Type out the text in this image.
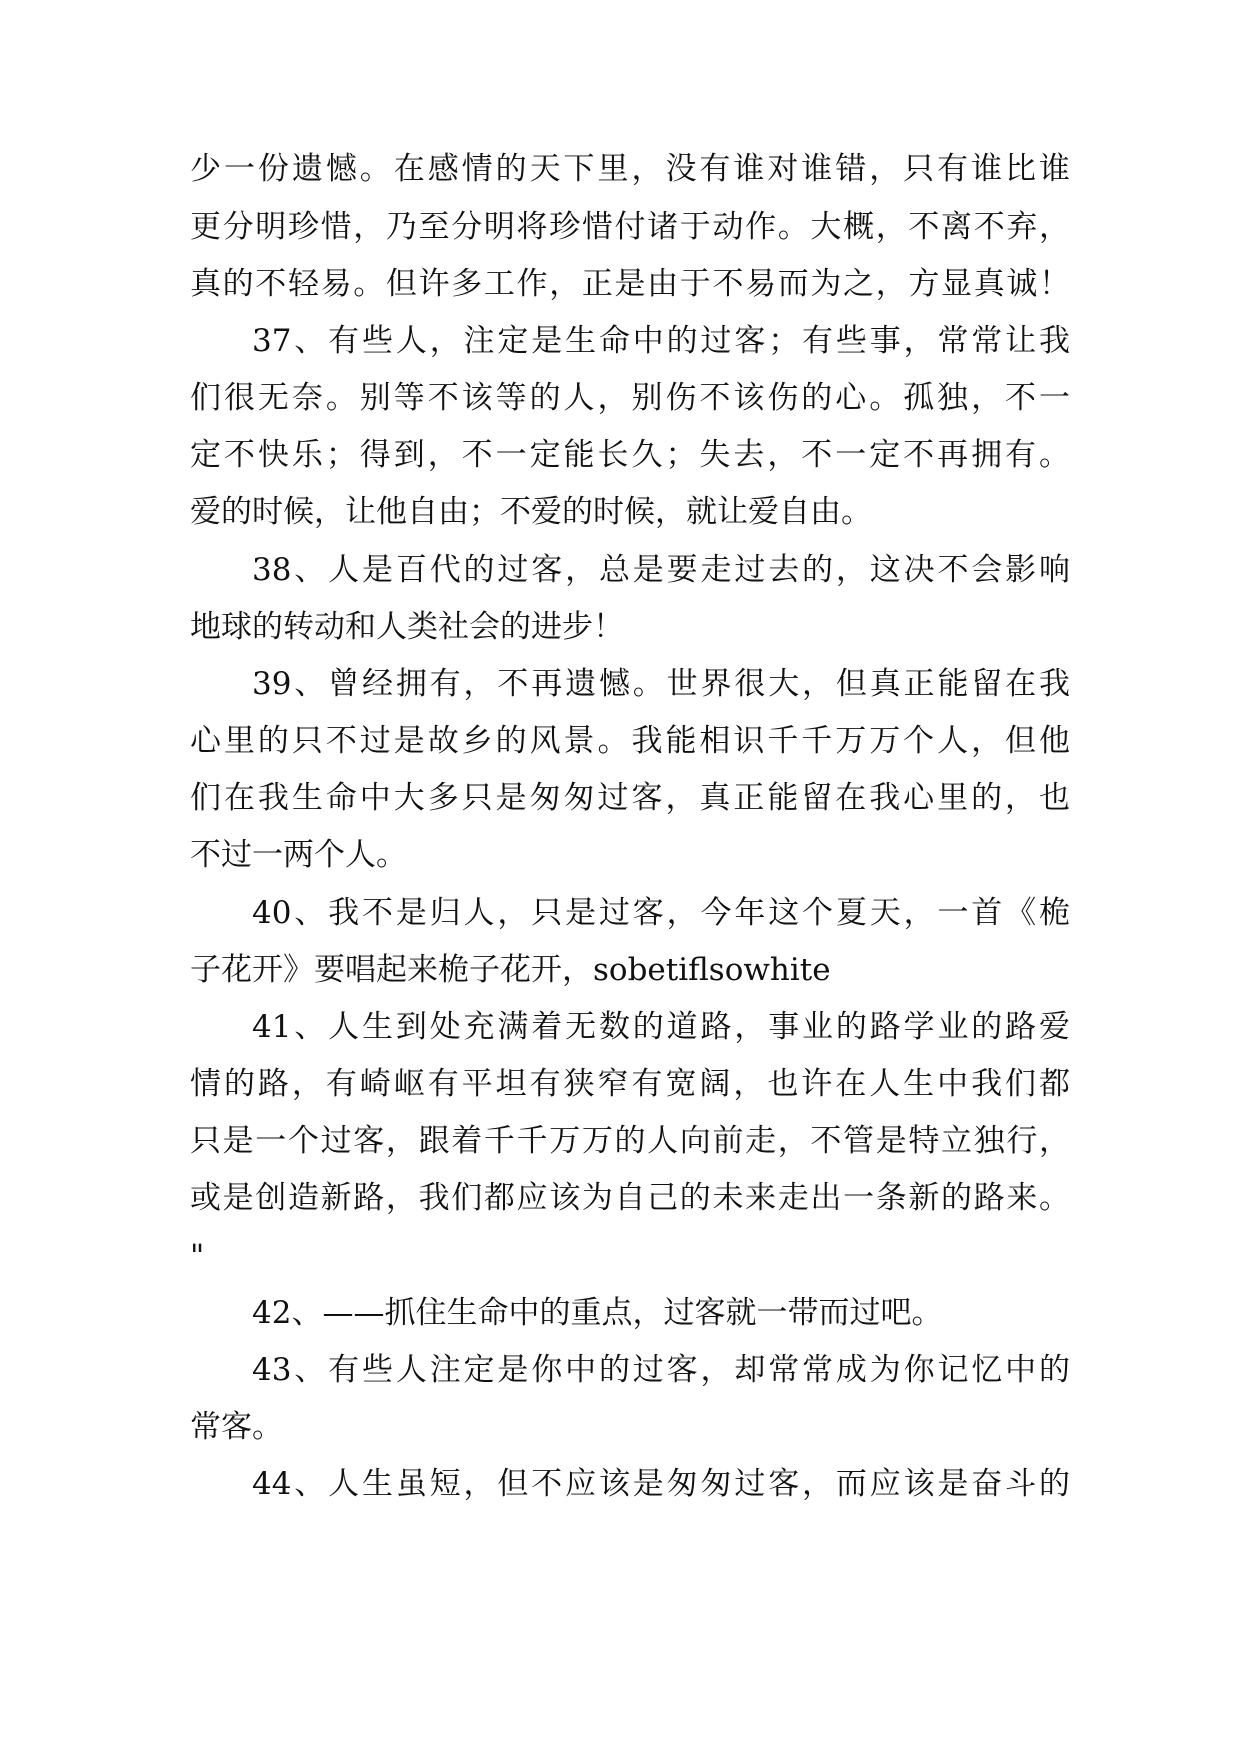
少一份遗憾。在感情的天下里，没有谁对谁错，只有谁比谁
更分明珍惜，乃至分明将珍惜付诸于动作。大概，不离不弃，
真的不轻易。但许多工作，正是由于不易而为之，方显真诚！
37、有些人，注定是生命中的过客；有些事，常常让我
们很无奈。别等不该等的人，别伤不该伤的心。孤独，不一
定不快乐；得到，不一定能长久；失去，不一定不再拥有。
爱的时候，让他自由；不爱的时候，就让爱自由。
38、人是百代的过客，总是要走过去的，这决不会影响
地球的转动和人类社会的进步！
39、曾经拥有，不再遗憾。世界很大，但真正能留在我
心里的只不过是故乡的风景。我能相识千千万万个人，但他
们在我生命中大多只是匆匆过客，真正能留在我心里的，也
不过一两个人。
40、我不是归人，只是过客，今年这个夏天，一首《桅
子花开》要唱起来桅子花开，sobetiflsowhite
41、人生到处充满着无数的道路，事业的路学业的路爱
情的路，有崎岖有平坦有狭窄有宽阔，也许在人生中我们都
只是一个过客，跟着千千万万的人向前走，不管是特立独行，
或是创造新路，我们都应该为自己的未来走出一条新的路来。
"
42、——抓住生命中的重点，过客就一带而过吧。
43、有些人注定是你中的过客，却常常成为你记忆中的
常客。
44、人生虽短，但不应该是匆匆过客，而应该是奋斗的
